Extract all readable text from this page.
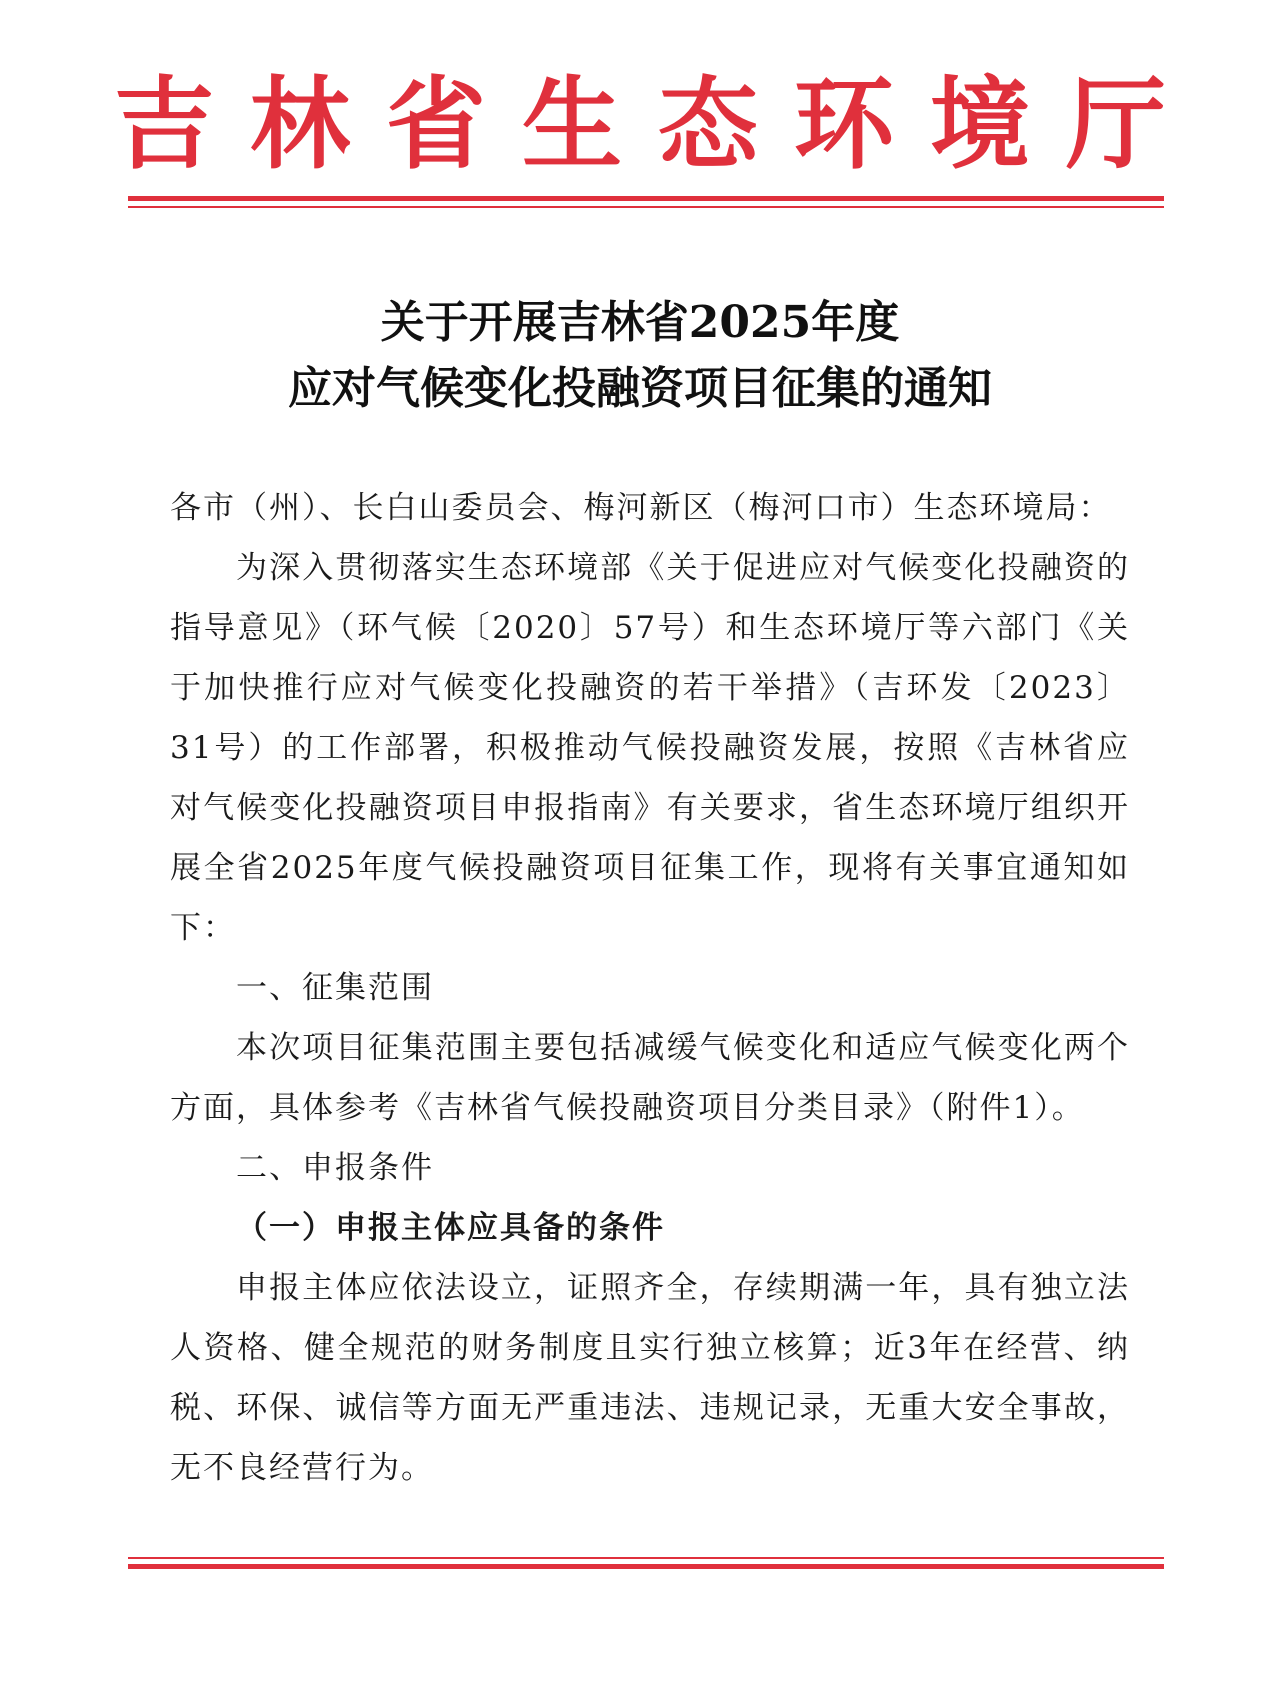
吉林省生态环境厅
关于开展吉林省2025年度
应对气候变化投融资项目征集的通知

各市（州）、长白山委员会、梅河新区（梅河口市）生态环境局：

为深入贯彻落实生态环境部《关于促进应对气候变化投融资的指导意见》（环气候〔2020〕57号）和生态环境厅等六部门《关于加快推行应对气候变化投融资的若干举措》（吉环发〔2023〕31号）的工作部署，积极推动气候投融资发展，按照《吉林省应对气候变化投融资项目申报指南》有关要求，省生态环境厅组织开展全省2025年度气候投融资项目征集工作，现将有关事宜通知如下：

一、征集范围

本次项目征集范围主要包括减缓气候变化和适应气候变化两个方面，具体参考《吉林省气候投融资项目分类目录》（附件1）。

二、申报条件

（一）申报主体应具备的条件

申报主体应依法设立，证照齐全，存续期满一年，具有独立法人资格、健全规范的财务制度且实行独立核算；近3年在经营、纳税、环保、诚信等方面无严重违法、违规记录，无重大安全事故，无不良经营行为。
